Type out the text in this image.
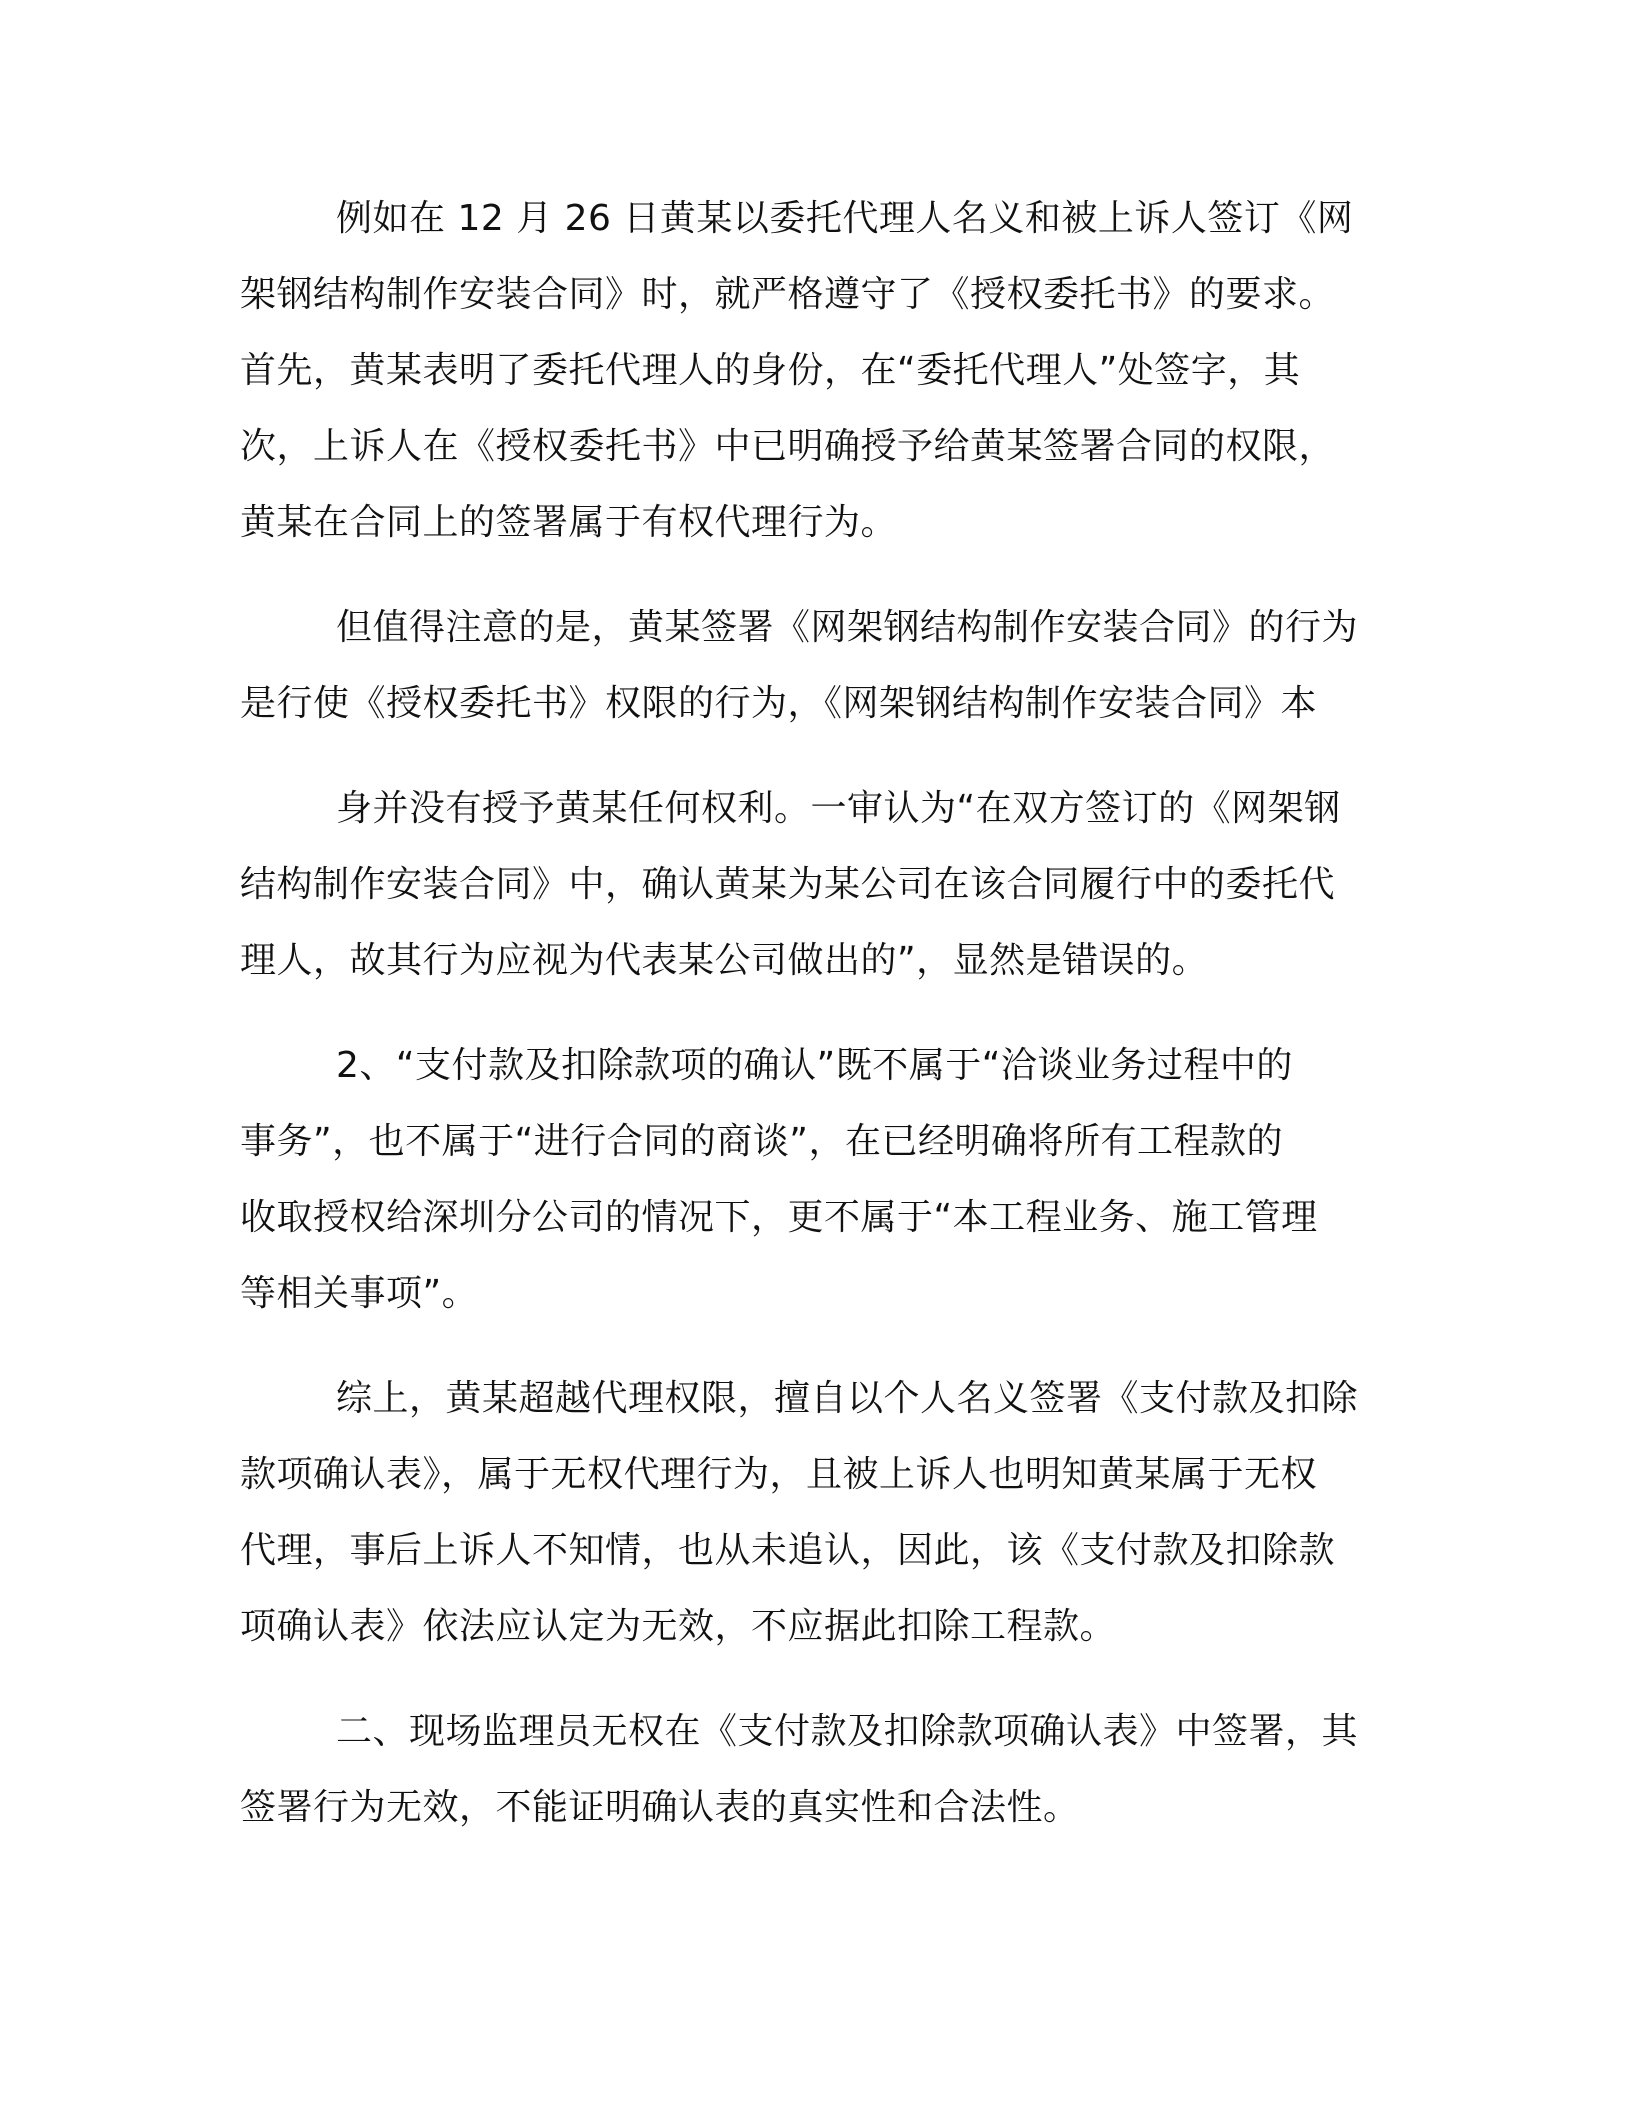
例如在 12 月 26 日黄某以委托代理人名义和被上诉人签订《网
架钢结构制作安装合同》时，就严格遵守了《授权委托书》的要求。
首先，黄某表明了委托代理人的身份，在“委托代理人”处签字，其
次，上诉人在《授权委托书》中已明确授予给黄某签署合同的权限，
黄某在合同上的签署属于有权代理行为。
但值得注意的是，黄某签署《网架钢结构制作安装合同》的行为
是行使《授权委托书》权限的行为，《网架钢结构制作安装合同》本
身并没有授予黄某任何权利。一审认为“在双方签订的《网架钢
结构制作安装合同》中，确认黄某为某公司在该合同履行中的委托代
理人，故其行为应视为代表某公司做出的”，显然是错误的。
2、“支付款及扣除款项的确认”既不属于“洽谈业务过程中的
事务”，也不属于“进行合同的商谈”，在已经明确将所有工程款的
收取授权给深圳分公司的情况下，更不属于“本工程业务、施工管理
等相关事项”。
综上，黄某超越代理权限，擅自以个人名义签署《支付款及扣除
款项确认表》，属于无权代理行为，且被上诉人也明知黄某属于无权
代理，事后上诉人不知情，也从未追认，因此，该《支付款及扣除款
项确认表》依法应认定为无效，不应据此扣除工程款。
二、现场监理员无权在《支付款及扣除款项确认表》中签署，其
签署行为无效，不能证明确认表的真实性和合法性。
